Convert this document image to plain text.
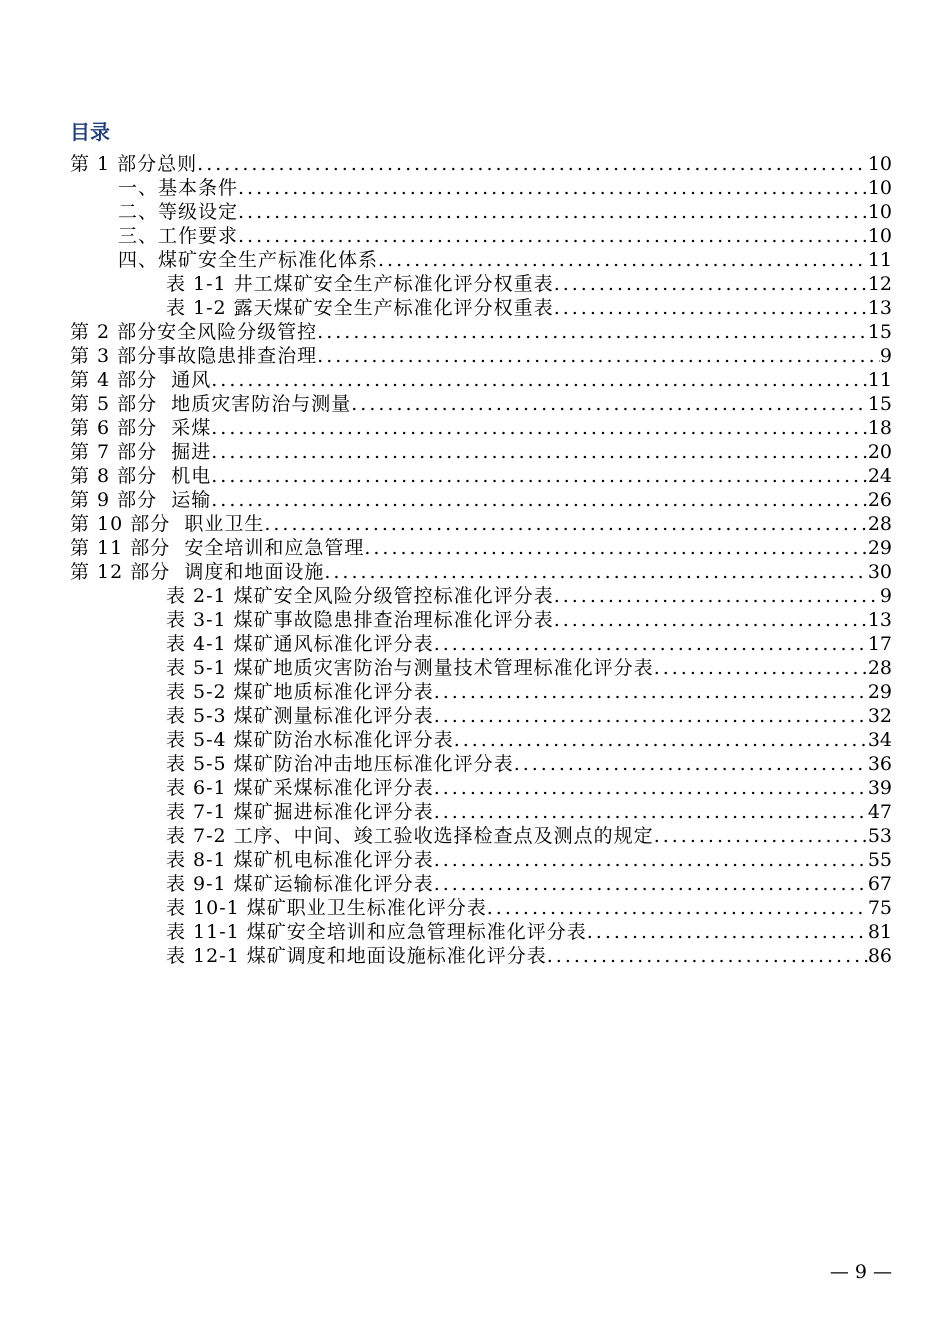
目录
第 1 部分总则 .....	10
一、基本条件 .....	10
二、等级设定 .....	10
三、工作要求 .....	10
四、煤矿安全生产标准化体系 .....	11
表 1-1 井工煤矿安全生产标准化评分权重表 .....	12
表 1-2 露天煤矿安全生产标准化评分权重表 .....	13
第 2 部分安全风险分级管控 .....	15
第 3 部分事故隐患排查治理 .....	9
第 4 部分  通风 .....	11
第 5 部分  地质灾害防治与测量 .....	15
第 6 部分  采煤 .....	18
第 7 部分  掘进 .....	20
第 8 部分  机电 .....	24
第 9 部分  运输 .....	26
第 10 部分  职业卫生 .....	28
第 11 部分  安全培训和应急管理 .....	29
第 12 部分  调度和地面设施 .....	30
表 2-1 煤矿安全风险分级管控标准化评分表 .....	9
表 3-1 煤矿事故隐患排查治理标准化评分表 .....	13
表 4-1 煤矿通风标准化评分表 .....	17
表 5-1 煤矿地质灾害防治与测量技术管理标准化评分表 .....	28
表 5-2 煤矿地质标准化评分表 .....	29
表 5-3 煤矿测量标准化评分表 .....	32
表 5-4 煤矿防治水标准化评分表 .....	34
表 5-5 煤矿防治冲击地压标准化评分表 .....	36
表 6-1 煤矿采煤标准化评分表 .....	39
表 7-1 煤矿掘进标准化评分表 .....	47
表 7-2 工序、中间、竣工验收选择检查点及测点的规定 .....	53
表 8-1 煤矿机电标准化评分表 .....	55
表 9-1 煤矿运输标准化评分表 .....	67
表 10-1 煤矿职业卫生标准化评分表 .....	75
表 11-1 煤矿安全培训和应急管理标准化评分表 .....	81
表 12-1 煤矿调度和地面设施标准化评分表 .....	86
— 9 —
